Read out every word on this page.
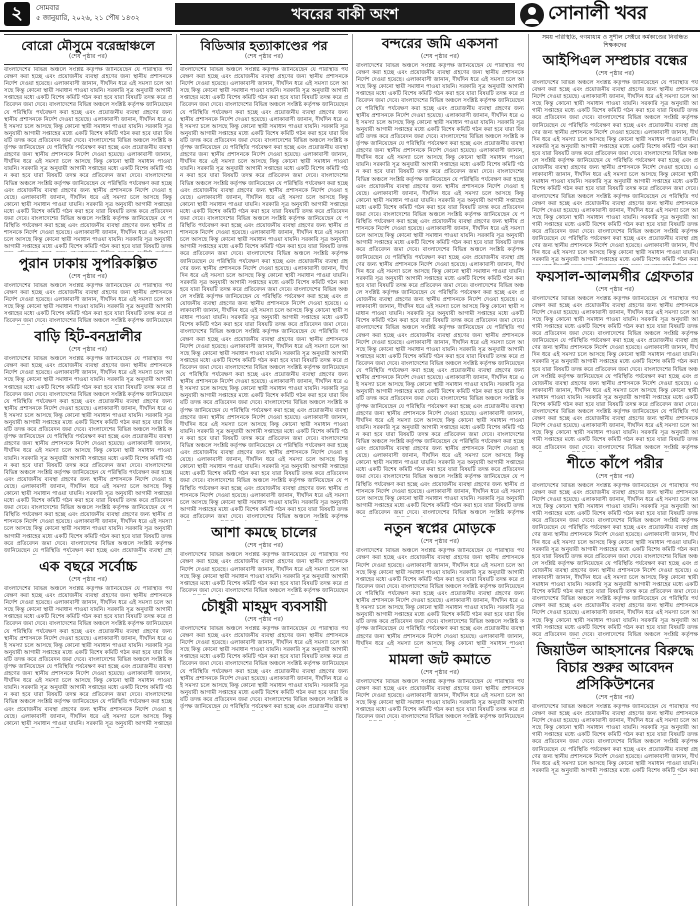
২	সোমবার
৫ জানুয়ারি, ২০২৬, ২১ পৌষ ১৪৩২	খবরের বাকী অংশ	সোনালী খবর
বোরো মৌসুমে বরেন্দ্রাঞ্চলে
(শেষ পৃষ্ঠার পর)

বাংলাদেশের বিভিন্ন অঞ্চলে সংশ্লিষ্ট কর্তৃপক্ষ জানিয়েছেন যে পরিস্থিতি পর্যবেক্ষণ করা হচ্ছে এবং প্রয়োজনীয় ব্যবস্থা গ্রহণের জন্য স্থানীয় প্রশাসনকে নির্দেশ দেওয়া হয়েছে। এলাকাবাসী জানান, দীর্ঘদিন ধরে এই সমস্যা চলে আসছে কিন্তু কোনো স্থায়ী সমাধান পাওয়া যায়নি। সরকারি সূত্র অনুযায়ী আগামী সপ্তাহের মধ্যে একটি বিশেষ কমিটি গঠন করা হবে যারা বিষয়টি তদন্ত করে প্রতিবেদন জমা দেবে। বাংলাদেশের বিভিন্ন অঞ্চলে সংশ্লিষ্ট কর্তৃপক্ষ জানিয়েছেন যে পরিস্থিতি পর্যবেক্ষণ করা হচ্ছে এবং প্রয়োজনীয় ব্যবস্থা গ্রহণের জন্য স্থানীয় প্রশাসনকে নির্দেশ দেওয়া হয়েছে। এলাকাবাসী জানান, দীর্ঘদিন ধরে এই সমস্যা চলে আসছে কিন্তু কোনো স্থায়ী সমাধান পাওয়া যায়নি। সরকারি সূত্র অনুযায়ী আগামী সপ্তাহের মধ্যে একটি বিশেষ কমিটি গঠন করা হবে যারা বিষয়টি তদন্ত করে প্রতিবেদন জমা দেবে। বাংলাদেশের বিভিন্ন অঞ্চলে সংশ্লিষ্ট কর্তৃপক্ষ জানিয়েছেন যে পরিস্থিতি পর্যবেক্ষণ করা হচ্ছে এবং প্রয়োজনীয় ব্যবস্থা গ্রহণের জন্য স্থানীয় প্রশাসনকে নির্দেশ দেওয়া হয়েছে। এলাকাবাসী জানান, দীর্ঘদিন ধরে এই সমস্যা চলে আসছে কিন্তু কোনো স্থায়ী সমাধান পাওয়া যায়নি। সরকারি সূত্র অনুযায়ী আগামী সপ্তাহের মধ্যে একটি বিশেষ কমিটি গঠন করা হবে যারা বিষয়টি তদন্ত করে প্রতিবেদন জমা দেবে। বাংলাদেশের বিভিন্ন অঞ্চলে সংশ্লিষ্ট কর্তৃপক্ষ জানিয়েছেন যে পরিস্থিতি পর্যবেক্ষণ করা হচ্ছে এবং প্রয়োজনীয় ব্যবস্থা গ্রহণের জন্য স্থানীয় প্রশাসনকে নির্দেশ দেওয়া হয়েছে। এলাকাবাসী জানান, দীর্ঘদিন ধরে এই সমস্যা চলে আসছে কিন্তু কোনো স্থায়ী সমাধান পাওয়া যায়নি। সরকারি সূত্র অনুযায়ী আগামী সপ্তাহের মধ্যে একটি বিশেষ কমিটি গঠন করা হবে যারা বিষয়টি তদন্ত করে প্রতিবেদন জমা দেবে। বাংলাদেশের বিভিন্ন অঞ্চলে সংশ্লিষ্ট কর্তৃপক্ষ জানিয়েছেন যে পরিস্থিতি পর্যবেক্ষণ করা হচ্ছে এবং প্রয়োজনীয় ব্যবস্থা গ্রহণের জন্য স্থানীয় প্রশাসনকে নির্দেশ দেওয়া হয়েছে। এলাকাবাসী জানান, দীর্ঘদিন ধরে এই সমস্যা চলে আসছে কিন্তু কোনো স্থায়ী সমাধান পাওয়া যায়নি। সরকারি সূত্র অনুযায়ী আগামী সপ্তাহের মধ্যে একটি বিশেষ কমিটি গঠন করা হবে যারা বিষয়টি তদন্ত

পুরান ঢাকায় সুপরিকল্পিত
(শেষ পৃষ্ঠার পর)

বাংলাদেশের বিভিন্ন অঞ্চলে সংশ্লিষ্ট কর্তৃপক্ষ জানিয়েছেন যে পরিস্থিতি পর্যবেক্ষণ করা হচ্ছে এবং প্রয়োজনীয় ব্যবস্থা গ্রহণের জন্য স্থানীয় প্রশাসনকে নির্দেশ দেওয়া হয়েছে। এলাকাবাসী জানান, দীর্ঘদিন ধরে এই সমস্যা চলে আসছে কিন্তু কোনো স্থায়ী সমাধান পাওয়া যায়নি। সরকারি সূত্র অনুযায়ী আগামী সপ্তাহের মধ্যে একটি বিশেষ কমিটি গঠন করা হবে যারা বিষয়টি তদন্ত করে প্রতিবেদন জমা দেবে। বাংলাদেশের বিভিন্ন অঞ্চলে সংশ্লিষ্ট কর্তৃপক্ষ জানিয়েছেন

বাড়ি হিট-বনদ্রালীর
(শেষ পৃষ্ঠার পর)

বাংলাদেশের বিভিন্ন অঞ্চলে সংশ্লিষ্ট কর্তৃপক্ষ জানিয়েছেন যে পরিস্থিতি পর্যবেক্ষণ করা হচ্ছে এবং প্রয়োজনীয় ব্যবস্থা গ্রহণের জন্য স্থানীয় প্রশাসনকে নির্দেশ দেওয়া হয়েছে। এলাকাবাসী জানান, দীর্ঘদিন ধরে এই সমস্যা চলে আসছে কিন্তু কোনো স্থায়ী সমাধান পাওয়া যায়নি। সরকারি সূত্র অনুযায়ী আগামী সপ্তাহের মধ্যে একটি বিশেষ কমিটি গঠন করা হবে যারা বিষয়টি তদন্ত করে প্রতিবেদন জমা দেবে। বাংলাদেশের বিভিন্ন অঞ্চলে সংশ্লিষ্ট কর্তৃপক্ষ জানিয়েছেন যে পরিস্থিতি পর্যবেক্ষণ করা হচ্ছে এবং প্রয়োজনীয় ব্যবস্থা গ্রহণের জন্য স্থানীয় প্রশাসনকে নির্দেশ দেওয়া হয়েছে। এলাকাবাসী জানান, দীর্ঘদিন ধরে এই সমস্যা চলে আসছে কিন্তু কোনো স্থায়ী সমাধান পাওয়া যায়নি। সরকারি সূত্র অনুযায়ী আগামী সপ্তাহের মধ্যে একটি বিশেষ কমিটি গঠন করা হবে যারা বিষয়টি তদন্ত করে প্রতিবেদন জমা দেবে। বাংলাদেশের বিভিন্ন অঞ্চলে সংশ্লিষ্ট কর্তৃপক্ষ জানিয়েছেন যে পরিস্থিতি পর্যবেক্ষণ করা হচ্ছে এবং প্রয়োজনীয় ব্যবস্থা গ্রহণের জন্য স্থানীয় প্রশাসনকে নির্দেশ দেওয়া হয়েছে। এলাকাবাসী জানান, দীর্ঘদিন ধরে এই সমস্যা চলে আসছে কিন্তু কোনো স্থায়ী সমাধান পাওয়া যায়নি। সরকারি সূত্র অনুযায়ী আগামী সপ্তাহের মধ্যে একটি বিশেষ কমিটি গঠন করা হবে যারা বিষয়টি তদন্ত করে প্রতিবেদন জমা দেবে। বাংলাদেশের বিভিন্ন অঞ্চলে সংশ্লিষ্ট কর্তৃপক্ষ জানিয়েছেন যে পরিস্থিতি পর্যবেক্ষণ করা হচ্ছে এবং প্রয়োজনীয় ব্যবস্থা গ্রহণের জন্য স্থানীয় প্রশাসনকে নির্দেশ দেওয়া হয়েছে। এলাকাবাসী জানান, দীর্ঘদিন ধরে এই সমস্যা চলে আসছে কিন্তু কোনো স্থায়ী সমাধান পাওয়া যায়নি। সরকারি সূত্র অনুযায়ী আগামী সপ্তাহের মধ্যে একটি বিশেষ কমিটি গঠন করা হবে যারা বিষয়টি তদন্ত করে প্রতিবেদন জমা দেবে। বাংলাদেশের বিভিন্ন অঞ্চলে সংশ্লিষ্ট কর্তৃপক্ষ জানিয়েছেন যে পরিস্থিতি পর্যবেক্ষণ করা হচ্ছে এবং প্রয়োজনীয় ব্যবস্থা গ্রহণের জন্য স্থানীয় প্রশাসনকে নির্দেশ দেওয়া হয়েছে। এলাকাবাসী জানান, দীর্ঘদিন ধরে এই সমস্যা চলে আসছে কিন্তু কোনো স্থায়ী সমাধান পাওয়া যায়নি। সরকারি সূত্র অনুযায়ী আগামী সপ্তাহের মধ্যে একটি বিশেষ কমিটি গঠন করা হবে যারা বিষয়টি তদন্ত করে প্রতিবেদন জমা দেবে। বাংলাদেশের বিভিন্ন অঞ্চলে সংশ্লিষ্ট কর্তৃপক্ষ জানিয়েছেন যে পরিস্থিতি পর্যবেক্ষণ করা হচ্ছে এবং প্রয়োজনীয় ব্যবস্থা গ্রহ

এক বছরে সর্বোচ্চ
(শেষ পৃষ্ঠার পর)

বাংলাদেশের বিভিন্ন অঞ্চলে সংশ্লিষ্ট কর্তৃপক্ষ জানিয়েছেন যে পরিস্থিতি পর্যবেক্ষণ করা হচ্ছে এবং প্রয়োজনীয় ব্যবস্থা গ্রহণের জন্য স্থানীয় প্রশাসনকে নির্দেশ দেওয়া হয়েছে। এলাকাবাসী জানান, দীর্ঘদিন ধরে এই সমস্যা চলে আসছে কিন্তু কোনো স্থায়ী সমাধান পাওয়া যায়নি। সরকারি সূত্র অনুযায়ী আগামী সপ্তাহের মধ্যে একটি বিশেষ কমিটি গঠন করা হবে যারা বিষয়টি তদন্ত করে প্রতিবেদন জমা দেবে। বাংলাদেশের বিভিন্ন অঞ্চলে সংশ্লিষ্ট কর্তৃপক্ষ জানিয়েছেন যে পরিস্থিতি পর্যবেক্ষণ করা হচ্ছে এবং প্রয়োজনীয় ব্যবস্থা গ্রহণের জন্য স্থানীয় প্রশাসনকে নির্দেশ দেওয়া হয়েছে। এলাকাবাসী জানান, দীর্ঘদিন ধরে এই সমস্যা চলে আসছে কিন্তু কোনো স্থায়ী সমাধান পাওয়া যায়নি। সরকারি সূত্র অনুযায়ী আগামী সপ্তাহের মধ্যে একটি বিশেষ কমিটি গঠন করা হবে যারা বিষয়টি তদন্ত করে প্রতিবেদন জমা দেবে। বাংলাদেশের বিভিন্ন অঞ্চলে সংশ্লিষ্ট কর্তৃপক্ষ জানিয়েছেন যে পরিস্থিতি পর্যবেক্ষণ করা হচ্ছে এবং প্রয়োজনীয় ব্যবস্থা গ্রহণের জন্য স্থানীয় প্রশাসনকে নির্দেশ দেওয়া হয়েছে। এলাকাবাসী জানান, দীর্ঘদিন ধরে এই সমস্যা চলে আসছে কিন্তু কোনো স্থায়ী সমাধান পাওয়া যায়নি। সরকারি সূত্র অনুযায়ী আগামী সপ্তাহের মধ্যে একটি বিশেষ কমিটি গঠন করা হবে যারা বিষয়টি তদন্ত করে প্রতিবেদন জমা দেবে। বাংলাদেশের বিভিন্ন অঞ্চলে সংশ্লিষ্ট কর্তৃপক্ষ জানিয়েছেন যে পরিস্থিতি পর্যবেক্ষণ করা হচ্ছে এবং প্রয়োজনীয় ব্যবস্থা গ্রহণের জন্য স্থানীয় প্রশাসনকে নির্দেশ দেওয়া হয়েছে। এলাকাবাসী জানান, দীর্ঘদিন ধরে এই সমস্যা চলে আসছে কিন্তু কোনো স্থায়ী সমাধান পাওয়া যায়নি। সরকারি সূত্র অনুযায়ী আগামী সপ্তাহের

বিডিআর হত্যাকাণ্ডের পর
(শেষ পৃষ্ঠার পর)

বাংলাদেশের বিভিন্ন অঞ্চলে সংশ্লিষ্ট কর্তৃপক্ষ জানিয়েছেন যে পরিস্থিতি পর্যবেক্ষণ করা হচ্ছে এবং প্রয়োজনীয় ব্যবস্থা গ্রহণের জন্য স্থানীয় প্রশাসনকে নির্দেশ দেওয়া হয়েছে। এলাকাবাসী জানান, দীর্ঘদিন ধরে এই সমস্যা চলে আসছে কিন্তু কোনো স্থায়ী সমাধান পাওয়া যায়নি। সরকারি সূত্র অনুযায়ী আগামী সপ্তাহের মধ্যে একটি বিশেষ কমিটি গঠন করা হবে যারা বিষয়টি তদন্ত করে প্রতিবেদন জমা দেবে। বাংলাদেশের বিভিন্ন অঞ্চলে সংশ্লিষ্ট কর্তৃপক্ষ জানিয়েছেন যে পরিস্থিতি পর্যবেক্ষণ করা হচ্ছে এবং প্রয়োজনীয় ব্যবস্থা গ্রহণের জন্য স্থানীয় প্রশাসনকে নির্দেশ দেওয়া হয়েছে। এলাকাবাসী জানান, দীর্ঘদিন ধরে এই সমস্যা চলে আসছে কিন্তু কোনো স্থায়ী সমাধান পাওয়া যায়নি। সরকারি সূত্র অনুযায়ী আগামী সপ্তাহের মধ্যে একটি বিশেষ কমিটি গঠন করা হবে যারা বিষয়টি তদন্ত করে প্রতিবেদন জমা দেবে। বাংলাদেশের বিভিন্ন অঞ্চলে সংশ্লিষ্ট কর্তৃপক্ষ জানিয়েছেন যে পরিস্থিতি পর্যবেক্ষণ করা হচ্ছে এবং প্রয়োজনীয় ব্যবস্থা গ্রহণের জন্য স্থানীয় প্রশাসনকে নির্দেশ দেওয়া হয়েছে। এলাকাবাসী জানান, দীর্ঘদিন ধরে এই সমস্যা চলে আসছে কিন্তু কোনো স্থায়ী সমাধান পাওয়া যায়নি। সরকারি সূত্র অনুযায়ী আগামী সপ্তাহের মধ্যে একটি বিশেষ কমিটি গঠন করা হবে যারা বিষয়টি তদন্ত করে প্রতিবেদন জমা দেবে। বাংলাদেশের বিভিন্ন অঞ্চলে সংশ্লিষ্ট কর্তৃপক্ষ জানিয়েছেন যে পরিস্থিতি পর্যবেক্ষণ করা হচ্ছে এবং প্রয়োজনীয় ব্যবস্থা গ্রহণের জন্য স্থানীয় প্রশাসনকে নির্দেশ দেওয়া হয়েছে। এলাকাবাসী জানান, দীর্ঘদিন ধরে এই সমস্যা চলে আসছে কিন্তু কোনো স্থায়ী সমাধান পাওয়া যায়নি। সরকারি সূত্র অনুযায়ী আগামী সপ্তাহের মধ্যে একটি বিশেষ কমিটি গঠন করা হবে যারা বিষয়টি তদন্ত করে প্রতিবেদন জমা দেবে। বাংলাদেশের বিভিন্ন অঞ্চলে সংশ্লিষ্ট কর্তৃপক্ষ জানিয়েছেন যে পরিস্থিতি পর্যবেক্ষণ করা হচ্ছে এবং প্রয়োজনীয় ব্যবস্থা গ্রহণের জন্য স্থানীয় প্রশাসনকে নির্দেশ দেওয়া হয়েছে। এলাকাবাসী জানান, দীর্ঘদিন ধরে এই সমস্যা চলে আসছে কিন্তু কোনো স্থায়ী সমাধান পাওয়া যায়নি। সরকারি সূত্র অনুযায়ী আগামী সপ্তাহের মধ্যে একটি বিশেষ কমিটি গঠন করা হবে যারা বিষয়টি তদন্ত করে প্রতিবেদন জমা দেবে। বাংলাদেশের বিভিন্ন অঞ্চলে সংশ্লিষ্ট কর্তৃপক্ষ জানিয়েছেন যে পরিস্থিতি পর্যবেক্ষণ করা হচ্ছে এবং প্রয়োজনীয় ব্যবস্থা গ্রহণের জন্য স্থানীয় প্রশাসনকে নির্দেশ দেওয়া হয়েছে। এলাকাবাসী জানান, দীর্ঘদিন ধরে এই সমস্যা চলে আসছে কিন্তু কোনো স্থায়ী সমাধান পাওয়া যায়নি। সরকারি সূত্র অনুযায়ী আগামী সপ্তাহের মধ্যে একটি বিশেষ কমিটি গঠন করা হবে যারা বিষয়টি তদন্ত করে প্রতিবেদন জমা দেবে। বাংলাদেশের বিভিন্ন অঞ্চলে সংশ্লিষ্ট কর্তৃপক্ষ জানিয়েছেন যে পরিস্থিতি পর্যবেক্ষণ করা হচ্ছে এবং প্রয়োজনীয় ব্যবস্থা গ্রহণের জন্য স্থানীয় প্রশাসনকে নির্দেশ দেওয়া হয়েছে। এলাকাবাসী জানান, দীর্ঘদিন ধরে এই সমস্যা চলে আসছে কিন্তু কোনো স্থায়ী সমাধান পাওয়া যায়নি। সরকারি সূত্র অনুযায়ী আগামী সপ্তাহের মধ্যে একটি বিশেষ কমিটি গঠন করা হবে যারা বিষয়টি তদন্ত করে প্রতিবেদন জমা দেবে। বাংলাদেশের বিভিন্ন অঞ্চলে সংশ্লিষ্ট কর্তৃপক্ষ জানিয়েছেন যে পরিস্থিতি পর্যবেক্ষণ করা হচ্ছে এবং প্রয়োজনীয় ব্যবস্থা গ্রহণের জন্য স্থানীয় প্রশাসনকে নির্দেশ দেওয়া হয়েছে। এলাকাবাসী জানান, দীর্ঘদিন ধরে এই সমস্যা চলে আসছে কিন্তু কোনো স্থায়ী সমাধান পাওয়া যায়নি। সরকারি সূত্র অনুযায়ী আগামী সপ্তাহের মধ্যে একটি বিশেষ কমিটি গঠন করা হবে যারা বিষয়টি তদন্ত করে প্রতিবেদন জমা দেবে। বাংলাদেশের বিভিন্ন অঞ্চলে সংশ্লিষ্ট কর্তৃপক্ষ জানিয়েছেন যে পরিস্থিতি পর্যবেক্ষণ করা হচ্ছে এবং প্রয়োজনীয় ব্যবস্থা গ্রহণের জন্য স্থানীয় প্রশাসনকে নির্দেশ দেওয়া হয়েছে। এলাকাবাসী জানান, দীর্ঘদিন ধরে এই সমস্যা চলে আসছে কিন্তু কোনো স্থায়ী সমাধান পাওয়া যায়নি। সরকারি সূত্র অনুযায়ী আগামী সপ্তাহের মধ্যে একটি বিশেষ কমিটি গঠন করা হবে যারা বিষয়টি তদন্ত করে প্রতিবেদন জমা দেবে। বাংলাদেশের বিভিন্ন অঞ্চলে সংশ্লিষ্ট কর্তৃপক্ষ জানিয়েছেন যে পরিস্থিতি পর্যবেক্ষণ করা হচ্ছে এবং প্রয়োজনীয় ব্যবস্থা গ্রহণের জন্য স্থানীয় প্রশাসনকে নির্দেশ দেওয়া হয়েছে। এলাকাবাসী জানান, দীর্ঘদিন ধরে এই সমস্যা চলে আসছে কিন্তু কোনো স্থায়ী সমাধান পাওয়া যায়নি। সরকারি সূত্র অনুযায়ী আগামী সপ্তাহের মধ্যে একটি বিশেষ কমিটি গঠন করা হবে যারা বিষয়টি তদন্ত করে প্রতিবেদন জমা দেবে। বাংলাদেশের বিভিন্ন অঞ্চলে সংশ্লিষ্ট কর্তৃপক্ষ জানিয়েছেন যে পরিস্থিতি পর্যবেক্ষণ করা হচ্ছে এবং প্রয়োজনীয় ব্যবস্থা গ্রহণের জন্য স্থানীয় প্রশাসনকে নির্দেশ দেওয়া হয়েছে। এলাকাবাসী জানান, দীর্ঘদিন ধরে এই সমস্যা চলে আসছে কিন্তু কোনো স্থায়ী সমাধান পাওয়া যায়নি। সরকারি সূত্র অনুযায়ী আগামী সপ্তাহের মধ্যে একটি বিশেষ কমিটি গঠন করা হবে যারা বিষয়টি তদন্ত করে প্রতিবেদন জমা দেবে। বাংলাদেশের বিভিন্ন অঞ্চলে সংশ্লিষ্ট কর্তৃপক্ষ জানিয়েছেন যে পরিস্থিতি পর্যবেক্ষণ করা হচ্ছে এবং প্রয়োজনীয় ব্যবস্থা গ্রহণের জন্য স্থানীয় প্রশাসনকে নির্দেশ দেওয়া হয়েছে। এলাকাবাসী জানান, দীর্ঘদিন ধরে এই সমস্যা চলে আসছে কিন্তু কোনো স্থায়ী সমাধান পাওয়া যায়নি। সরকারি সূত্র অনুযায়ী আগামী সপ্তাহের মধ্যে একটি বিশেষ কমিটি গঠন করা হবে যারা বিষয়টি তদন্ত করে প্রতিবেদন জমা দেবে। বাংলাদেশের বিভিন্ন অঞ্চলে সংশ্লিষ্ট কর্তৃপক্ষ

আশা কমছে চালের
(শেষ পৃষ্ঠার পর)

বাংলাদেশের বিভিন্ন অঞ্চলে সংশ্লিষ্ট কর্তৃপক্ষ জানিয়েছেন যে পরিস্থিতি পর্যবেক্ষণ করা হচ্ছে এবং প্রয়োজনীয় ব্যবস্থা গ্রহণের জন্য স্থানীয় প্রশাসনকে নির্দেশ দেওয়া হয়েছে। এলাকাবাসী জানান, দীর্ঘদিন ধরে এই সমস্যা চলে আসছে কিন্তু কোনো স্থায়ী সমাধান পাওয়া যায়নি। সরকারি সূত্র অনুযায়ী আগামী সপ্তাহের মধ্যে একটি বিশেষ কমিটি গঠন করা হবে যারা বিষয়টি তদন্ত করে প্রতিবেদন জমা দেবে। বাংলাদেশের বিভিন্ন অঞ্চলে সংশ্লিষ্ট কর্তৃপক্ষ জানিয়েছেন

চৌধুরী মাহমুদ ব্যবসায়ী
(শেষ পৃষ্ঠার পর)

বাংলাদেশের বিভিন্ন অঞ্চলে সংশ্লিষ্ট কর্তৃপক্ষ জানিয়েছেন যে পরিস্থিতি পর্যবেক্ষণ করা হচ্ছে এবং প্রয়োজনীয় ব্যবস্থা গ্রহণের জন্য স্থানীয় প্রশাসনকে নির্দেশ দেওয়া হয়েছে। এলাকাবাসী জানান, দীর্ঘদিন ধরে এই সমস্যা চলে আসছে কিন্তু কোনো স্থায়ী সমাধান পাওয়া যায়নি। সরকারি সূত্র অনুযায়ী আগামী সপ্তাহের মধ্যে একটি বিশেষ কমিটি গঠন করা হবে যারা বিষয়টি তদন্ত করে প্রতিবেদন জমা দেবে। বাংলাদেশের বিভিন্ন অঞ্চলে সংশ্লিষ্ট কর্তৃপক্ষ জানিয়েছেন যে পরিস্থিতি পর্যবেক্ষণ করা হচ্ছে এবং প্রয়োজনীয় ব্যবস্থা গ্রহণের জন্য স্থানীয় প্রশাসনকে নির্দেশ দেওয়া হয়েছে। এলাকাবাসী জানান, দীর্ঘদিন ধরে এই সমস্যা চলে আসছে কিন্তু কোনো স্থায়ী সমাধান পাওয়া যায়নি। সরকারি সূত্র অনুযায়ী আগামী সপ্তাহের মধ্যে একটি বিশেষ কমিটি গঠন করা হবে যারা বিষয়টি তদন্ত করে প্রতিবেদন জমা দেবে। বাংলাদেশের বিভিন্ন অঞ্চলে সংশ্লিষ্ট কর্তৃপক্ষ জানিয়েছেন যে পরিস্থিতি পর্যবেক্ষণ করা হচ্ছে এবং প্রয়োজনীয় ব্যবস্থা

বন্দরের জমি একসনা
(শেষ পৃষ্ঠার পর)

বাংলাদেশের বিভিন্ন অঞ্চলে সংশ্লিষ্ট কর্তৃপক্ষ জানিয়েছেন যে পরিস্থিতি পর্যবেক্ষণ করা হচ্ছে এবং প্রয়োজনীয় ব্যবস্থা গ্রহণের জন্য স্থানীয় প্রশাসনকে নির্দেশ দেওয়া হয়েছে। এলাকাবাসী জানান, দীর্ঘদিন ধরে এই সমস্যা চলে আসছে কিন্তু কোনো স্থায়ী সমাধান পাওয়া যায়নি। সরকারি সূত্র অনুযায়ী আগামী সপ্তাহের মধ্যে একটি বিশেষ কমিটি গঠন করা হবে যারা বিষয়টি তদন্ত করে প্রতিবেদন জমা দেবে। বাংলাদেশের বিভিন্ন অঞ্চলে সংশ্লিষ্ট কর্তৃপক্ষ জানিয়েছেন যে পরিস্থিতি পর্যবেক্ষণ করা হচ্ছে এবং প্রয়োজনীয় ব্যবস্থা গ্রহণের জন্য স্থানীয় প্রশাসনকে নির্দেশ দেওয়া হয়েছে। এলাকাবাসী জানান, দীর্ঘদিন ধরে এই সমস্যা চলে আসছে কিন্তু কোনো স্থায়ী সমাধান পাওয়া যায়নি। সরকারি সূত্র অনুযায়ী আগামী সপ্তাহের মধ্যে একটি বিশেষ কমিটি গঠন করা হবে যারা বিষয়টি তদন্ত করে প্রতিবেদন জমা দেবে। বাংলাদেশের বিভিন্ন অঞ্চলে সংশ্লিষ্ট কর্তৃপক্ষ জানিয়েছেন যে পরিস্থিতি পর্যবেক্ষণ করা হচ্ছে এবং প্রয়োজনীয় ব্যবস্থা গ্রহণের জন্য স্থানীয় প্রশাসনকে নির্দেশ দেওয়া হয়েছে। এলাকাবাসী জানান, দীর্ঘদিন ধরে এই সমস্যা চলে আসছে কিন্তু কোনো স্থায়ী সমাধান পাওয়া যায়নি। সরকারি সূত্র অনুযায়ী আগামী সপ্তাহের মধ্যে একটি বিশেষ কমিটি গঠন করা হবে যারা বিষয়টি তদন্ত করে প্রতিবেদন জমা দেবে। বাংলাদেশের বিভিন্ন অঞ্চলে সংশ্লিষ্ট কর্তৃপক্ষ জানিয়েছেন যে পরিস্থিতি পর্যবেক্ষণ করা হচ্ছে এবং প্রয়োজনীয় ব্যবস্থা গ্রহণের জন্য স্থানীয় প্রশাসনকে নির্দেশ দেওয়া হয়েছে। এলাকাবাসী জানান, দীর্ঘদিন ধরে এই সমস্যা চলে আসছে কিন্তু কোনো স্থায়ী সমাধান পাওয়া যায়নি। সরকারি সূত্র অনুযায়ী আগামী সপ্তাহের মধ্যে একটি বিশেষ কমিটি গঠন করা হবে যারা বিষয়টি তদন্ত করে প্রতিবেদন জমা দেবে। বাংলাদেশের বিভিন্ন অঞ্চলে সংশ্লিষ্ট কর্তৃপক্ষ জানিয়েছেন যে পরিস্থিতি পর্যবেক্ষণ করা হচ্ছে এবং প্রয়োজনীয় ব্যবস্থা গ্রহণের জন্য স্থানীয় প্রশাসনকে নির্দেশ দেওয়া হয়েছে। এলাকাবাসী জানান, দীর্ঘদিন ধরে এই সমস্যা চলে আসছে কিন্তু কোনো স্থায়ী সমাধান পাওয়া যায়নি। সরকারি সূত্র অনুযায়ী আগামী সপ্তাহের মধ্যে একটি বিশেষ কমিটি গঠন করা হবে যারা বিষয়টি তদন্ত করে প্রতিবেদন জমা দেবে। বাংলাদেশের বিভিন্ন অঞ্চলে সংশ্লিষ্ট কর্তৃপক্ষ জানিয়েছেন যে পরিস্থিতি পর্যবেক্ষণ করা হচ্ছে এবং প্রয়োজনীয় ব্যবস্থা গ্রহণের জন্য স্থানীয় প্রশাসনকে নির্দেশ দেওয়া হয়েছে। এলাকাবাসী জানান, দীর্ঘদিন ধরে এই সমস্যা চলে আসছে কিন্তু কোনো স্থায়ী সমাধান পাওয়া যায়নি। সরকারি সূত্র অনুযায়ী আগামী সপ্তাহের মধ্যে একটি বিশেষ কমিটি গঠন করা হবে যারা বিষয়টি তদন্ত করে প্রতিবেদন জমা দেবে। বাংলাদেশের বিভিন্ন অঞ্চলে সংশ্লিষ্ট কর্তৃপক্ষ জানিয়েছেন যে পরিস্থিতি পর্যবেক্ষণ করা হচ্ছে এবং প্রয়োজনীয় ব্যবস্থা গ্রহণের জন্য স্থানীয় প্রশাসনকে নির্দেশ দেওয়া হয়েছে। এলাকাবাসী জানান, দীর্ঘদিন ধরে এই সমস্যা চলে আসছে কিন্তু কোনো স্থায়ী সমাধান পাওয়া যায়নি। সরকারি সূত্র অনুযায়ী আগামী সপ্তাহের মধ্যে একটি বিশেষ কমিটি গঠন করা হবে যারা বিষয়টি তদন্ত করে প্রতিবেদন জমা দেবে। বাংলাদেশের বিভিন্ন অঞ্চলে সংশ্লিষ্ট কর্তৃপক্ষ জানিয়েছেন যে পরিস্থিতি পর্যবেক্ষণ করা হচ্ছে এবং প্রয়োজনীয় ব্যবস্থা গ্রহণের জন্য স্থানীয় প্রশাসনকে নির্দেশ দেওয়া হয়েছে। এলাকাবাসী জানান, দীর্ঘদিন ধরে এই সমস্যা চলে আসছে কিন্তু কোনো স্থায়ী সমাধান পাওয়া যায়নি। সরকারি সূত্র অনুযায়ী আগামী সপ্তাহের মধ্যে একটি বিশেষ কমিটি গঠন করা হবে যারা বিষয়টি তদন্ত করে প্রতিবেদন জমা দেবে। বাংলাদেশের বিভিন্ন অঞ্চলে সংশ্লিষ্ট কর্তৃপক্ষ জানিয়েছেন যে পরিস্থিতি পর্যবেক্ষণ করা হচ্ছে এবং প্রয়োজনীয় ব্যবস্থা গ্রহণের জন্য স্থানীয় প্রশাসনকে নির্দেশ দেওয়া হয়েছে। এলাকাবাসী জানান, দীর্ঘদিন ধরে এই সমস্যা চলে আসছে কিন্তু কোনো স্থায়ী সমাধান পাওয়া যায়নি। সরকারি সূত্র অনুযায়ী আগামী সপ্তাহের মধ্যে একটি বিশেষ কমিটি গঠন করা হবে যারা বিষয়টি তদন্ত করে প্রতিবেদন জমা দেবে। বাংলাদেশের বিভিন্ন অঞ্চলে সংশ্লিষ্ট কর্তৃপক্ষ জানিয়েছেন যে পরিস্থিতি পর্যবেক্ষণ করা হচ্ছে এবং প্রয়োজনীয় ব্যবস্থা গ্রহণের জন্য স্থানীয় প্রশাসনকে নির্দেশ দেওয়া হয়েছে। এলাকাবাসী জানান, দীর্ঘদিন ধরে এই সমস্যা চলে আসছে কিন্তু কোনো স্থায়ী সমাধান পাওয়া যায়নি। সরকারি সূত্র অনুযায়ী আগামী সপ্তাহের মধ্যে একটি বিশেষ কমিটি গঠন করা হবে যারা বিষয়টি তদন্ত করে প্রতিবেদন জমা দেবে। বাংলাদেশের বিভিন্ন অঞ্চলে সংশ্লিষ্ট কর্তৃপক্ষ জানিয়েছেন যে পরিস্থিতি পর্যবেক্ষণ করা হচ্ছে এবং প্রয়োজনীয় ব্যবস্থা গ্রহণের জন্য স্থানীয় প্রশাসনকে নির্দেশ দেওয়া হয়েছে। এলাকাবাসী জানান, দীর্ঘদিন ধরে এই সমস্যা চলে আসছে কিন্তু কোনো স্থায়ী সমাধান পাওয়া যায়নি। সরকারি সূত্র অনুযায়ী আগামী সপ্তাহের মধ্যে একটি বিশেষ কমিটি গঠন করা হবে যারা বিষয়টি তদন্ত করে প্রতিবেদন জমা দেবে। বাংলাদেশের বিভিন্ন অঞ্চলে সংশ্লিষ্ট কর্তৃপক্ষ জানিয়েছেন যে পরিস্থিতি পর্যবেক্ষণ করা হচ্ছে এবং প্রয়োজনীয় ব্যবস্থা গ্রহণের জন্য স্থানীয় প্রশাসনকে নির্দেশ দেওয়া হয়েছে। এলাকাবাসী জানান, দীর্ঘদিন ধরে এই সমস্যা চলে আসছে কিন্তু কোনো স্থায়ী সমাধান পাওয়া যায়নি। সরকারি সূত্র অনুযায়ী আগামী সপ্তাহের মধ্যে একটি বিশেষ কমিটি গঠন করা হবে যারা বিষয়টি তদন্ত করে প্রতিবেদন জমা দেবে। বাংলাদেশের বিভিন্ন অঞ্চলে সংশ্লিষ্ট কর্তৃপক্ষ

নতুন স্বপ্নের মোড়কে
(শেষ পৃষ্ঠার পর)

বাংলাদেশের বিভিন্ন অঞ্চলে সংশ্লিষ্ট কর্তৃপক্ষ জানিয়েছেন যে পরিস্থিতি পর্যবেক্ষণ করা হচ্ছে এবং প্রয়োজনীয় ব্যবস্থা গ্রহণের জন্য স্থানীয় প্রশাসনকে নির্দেশ দেওয়া হয়েছে। এলাকাবাসী জানান, দীর্ঘদিন ধরে এই সমস্যা চলে আসছে কিন্তু কোনো স্থায়ী সমাধান পাওয়া যায়নি। সরকারি সূত্র অনুযায়ী আগামী সপ্তাহের মধ্যে একটি বিশেষ কমিটি গঠন করা হবে যারা বিষয়টি তদন্ত করে প্রতিবেদন জমা দেবে। বাংলাদেশের বিভিন্ন অঞ্চলে সংশ্লিষ্ট কর্তৃপক্ষ জানিয়েছেন যে পরিস্থিতি পর্যবেক্ষণ করা হচ্ছে এবং প্রয়োজনীয় ব্যবস্থা গ্রহণের জন্য স্থানীয় প্রশাসনকে নির্দেশ দেওয়া হয়েছে। এলাকাবাসী জানান, দীর্ঘদিন ধরে এই সমস্যা চলে আসছে কিন্তু কোনো স্থায়ী সমাধান পাওয়া যায়নি। সরকারি সূত্র অনুযায়ী আগামী সপ্তাহের মধ্যে একটি বিশেষ কমিটি গঠন করা হবে যারা বিষয়টি তদন্ত করে প্রতিবেদন জমা দেবে। বাংলাদেশের বিভিন্ন অঞ্চলে সংশ্লিষ্ট কর্তৃপক্ষ জানিয়েছেন যে পরিস্থিতি পর্যবেক্ষণ করা হচ্ছে এবং প্রয়োজনীয় ব্যবস্থা গ্রহণের জন্য স্থানীয় প্রশাসনকে নির্দেশ দেওয়া হয়েছে। এলাকাবাসী জানান, দীর্ঘদিন ধরে এই সমস্যা চলে আসছে কিন্তু কোনো স্থায়ী সমাধান পাওয়া

মামলা জট কমাতে
(শেষ পৃষ্ঠার পর)

বাংলাদেশের বিভিন্ন অঞ্চলে সংশ্লিষ্ট কর্তৃপক্ষ জানিয়েছেন যে পরিস্থিতি পর্যবেক্ষণ করা হচ্ছে এবং প্রয়োজনীয় ব্যবস্থা গ্রহণের জন্য স্থানীয় প্রশাসনকে নির্দেশ দেওয়া হয়েছে। এলাকাবাসী জানান, দীর্ঘদিন ধরে এই সমস্যা চলে আসছে কিন্তু কোনো স্থায়ী সমাধান পাওয়া যায়নি। সরকারি সূত্র অনুযায়ী আগামী সপ্তাহের মধ্যে একটি বিশেষ কমিটি গঠন করা হবে যারা বিষয়টি তদন্ত করে প্রতিবেদন জমা দেবে। বাংলাদেশের বিভিন্ন অঞ্চলে সংশ্লিষ্ট কর্তৃপক্ষ জানিয়েছেন

সময় পরিস্থিতি, গণমাধ্যম ও সুশীল সেক্টরে কর্মকাণ্ডের নিবন্ধিত শিক্ষকদের
আইপিএল সম্প্রচার বন্ধের
(শেষ পৃষ্ঠার পর)

বাংলাদেশের বিভিন্ন অঞ্চলে সংশ্লিষ্ট কর্তৃপক্ষ জানিয়েছেন যে পরিস্থিতি পর্যবেক্ষণ করা হচ্ছে এবং প্রয়োজনীয় ব্যবস্থা গ্রহণের জন্য স্থানীয় প্রশাসনকে নির্দেশ দেওয়া হয়েছে। এলাকাবাসী জানান, দীর্ঘদিন ধরে এই সমস্যা চলে আসছে কিন্তু কোনো স্থায়ী সমাধান পাওয়া যায়নি। সরকারি সূত্র অনুযায়ী আগামী সপ্তাহের মধ্যে একটি বিশেষ কমিটি গঠন করা হবে যারা বিষয়টি তদন্ত করে প্রতিবেদন জমা দেবে। বাংলাদেশের বিভিন্ন অঞ্চলে সংশ্লিষ্ট কর্তৃপক্ষ জানিয়েছেন যে পরিস্থিতি পর্যবেক্ষণ করা হচ্ছে এবং প্রয়োজনীয় ব্যবস্থা গ্রহণের জন্য স্থানীয় প্রশাসনকে নির্দেশ দেওয়া হয়েছে। এলাকাবাসী জানান, দীর্ঘদিন ধরে এই সমস্যা চলে আসছে কিন্তু কোনো স্থায়ী সমাধান পাওয়া যায়নি। সরকারি সূত্র অনুযায়ী আগামী সপ্তাহের মধ্যে একটি বিশেষ কমিটি গঠন করা হবে যারা বিষয়টি তদন্ত করে প্রতিবেদন জমা দেবে। বাংলাদেশের বিভিন্ন অঞ্চলে সংশ্লিষ্ট কর্তৃপক্ষ জানিয়েছেন যে পরিস্থিতি পর্যবেক্ষণ করা হচ্ছে এবং প্রয়োজনীয় ব্যবস্থা গ্রহণের জন্য স্থানীয় প্রশাসনকে নির্দেশ দেওয়া হয়েছে। এলাকাবাসী জানান, দীর্ঘদিন ধরে এই সমস্যা চলে আসছে কিন্তু কোনো স্থায়ী সমাধান পাওয়া যায়নি। সরকারি সূত্র অনুযায়ী আগামী সপ্তাহের মধ্যে একটি বিশেষ কমিটি গঠন করা হবে যারা বিষয়টি তদন্ত করে প্রতিবেদন জমা দেবে। বাংলাদেশের বিভিন্ন অঞ্চলে সংশ্লিষ্ট কর্তৃপক্ষ জানিয়েছেন যে পরিস্থিতি পর্যবেক্ষণ করা হচ্ছে এবং প্রয়োজনীয় ব্যবস্থা গ্রহণের জন্য স্থানীয় প্রশাসনকে নির্দেশ দেওয়া হয়েছে। এলাকাবাসী জানান, দীর্ঘদিন ধরে এই সমস্যা চলে আসছে কিন্তু কোনো স্থায়ী সমাধান পাওয়া যায়নি। সরকারি সূত্র অনুযায়ী আগামী সপ্তাহের মধ্যে একটি বিশেষ কমিটি গঠন করা হবে যারা বিষয়টি তদন্ত করে প্রতিবেদন জমা দেবে। বাংলাদেশের বিভিন্ন অঞ্চলে সংশ্লিষ্ট কর্তৃপক্ষ জানিয়েছেন যে পরিস্থিতি পর্যবেক্ষণ করা হচ্ছে এবং প্রয়োজনীয় ব্যবস্থা গ্রহণের জন্য স্থানীয় প্রশাসনকে নির্দেশ দেওয়া হয়েছে। এলাকাবাসী জানান, দীর্ঘদিন ধরে এই সমস্যা চলে আসছে কিন্তু কোনো স্থায়ী সমাধান পাওয়া যায়নি। সরকারি সূত্র অনুযায়ী আগামী সপ্তাহের মধ্যে একটি বিশেষ কমিটি গঠন করা

ফয়সাল-আলমগীর গ্রেফতার
(শেষ পৃষ্ঠার পর)

বাংলাদেশের বিভিন্ন অঞ্চলে সংশ্লিষ্ট কর্তৃপক্ষ জানিয়েছেন যে পরিস্থিতি পর্যবেক্ষণ করা হচ্ছে এবং প্রয়োজনীয় ব্যবস্থা গ্রহণের জন্য স্থানীয় প্রশাসনকে নির্দেশ দেওয়া হয়েছে। এলাকাবাসী জানান, দীর্ঘদিন ধরে এই সমস্যা চলে আসছে কিন্তু কোনো স্থায়ী সমাধান পাওয়া যায়নি। সরকারি সূত্র অনুযায়ী আগামী সপ্তাহের মধ্যে একটি বিশেষ কমিটি গঠন করা হবে যারা বিষয়টি তদন্ত করে প্রতিবেদন জমা দেবে। বাংলাদেশের বিভিন্ন অঞ্চলে সংশ্লিষ্ট কর্তৃপক্ষ জানিয়েছেন যে পরিস্থিতি পর্যবেক্ষণ করা হচ্ছে এবং প্রয়োজনীয় ব্যবস্থা গ্রহণের জন্য স্থানীয় প্রশাসনকে নির্দেশ দেওয়া হয়েছে। এলাকাবাসী জানান, দীর্ঘদিন ধরে এই সমস্যা চলে আসছে কিন্তু কোনো স্থায়ী সমাধান পাওয়া যায়নি। সরকারি সূত্র অনুযায়ী আগামী সপ্তাহের মধ্যে একটি বিশেষ কমিটি গঠন করা হবে যারা বিষয়টি তদন্ত করে প্রতিবেদন জমা দেবে। বাংলাদেশের বিভিন্ন অঞ্চলে সংশ্লিষ্ট কর্তৃপক্ষ জানিয়েছেন যে পরিস্থিতি পর্যবেক্ষণ করা হচ্ছে এবং প্রয়োজনীয় ব্যবস্থা গ্রহণের জন্য স্থানীয় প্রশাসনকে নির্দেশ দেওয়া হয়েছে। এলাকাবাসী জানান, দীর্ঘদিন ধরে এই সমস্যা চলে আসছে কিন্তু কোনো স্থায়ী সমাধান পাওয়া যায়নি। সরকারি সূত্র অনুযায়ী আগামী সপ্তাহের মধ্যে একটি বিশেষ কমিটি গঠন করা হবে যারা বিষয়টি তদন্ত করে প্রতিবেদন জমা দেবে। বাংলাদেশের বিভিন্ন অঞ্চলে সংশ্লিষ্ট কর্তৃপক্ষ জানিয়েছেন যে পরিস্থিতি পর্যবেক্ষণ করা হচ্ছে এবং প্রয়োজনীয় ব্যবস্থা গ্রহণের জন্য স্থানীয় প্রশাসনকে নির্দেশ দেওয়া হয়েছে। এলাকাবাসী জানান, দীর্ঘদিন ধরে এই সমস্যা চলে আসছে কিন্তু কোনো স্থায়ী সমাধান পাওয়া যায়নি। সরকারি সূত্র অনুযায়ী আগামী সপ্তাহের মধ্যে একটি বিশেষ কমিটি গঠন করা হবে যারা বিষয়টি তদন্ত করে প্রতিবেদন জমা দেবে। বাংলাদেশের বিভিন্ন অঞ্চলে সংশ্লিষ্ট কর্তৃপক্ষ

শীতে কাঁপে পরীর
(শেষ পৃষ্ঠার পর)

বাংলাদেশের বিভিন্ন অঞ্চলে সংশ্লিষ্ট কর্তৃপক্ষ জানিয়েছেন যে পরিস্থিতি পর্যবেক্ষণ করা হচ্ছে এবং প্রয়োজনীয় ব্যবস্থা গ্রহণের জন্য স্থানীয় প্রশাসনকে নির্দেশ দেওয়া হয়েছে। এলাকাবাসী জানান, দীর্ঘদিন ধরে এই সমস্যা চলে আসছে কিন্তু কোনো স্থায়ী সমাধান পাওয়া যায়নি। সরকারি সূত্র অনুযায়ী আগামী সপ্তাহের মধ্যে একটি বিশেষ কমিটি গঠন করা হবে যারা বিষয়টি তদন্ত করে প্রতিবেদন জমা দেবে। বাংলাদেশের বিভিন্ন অঞ্চলে সংশ্লিষ্ট কর্তৃপক্ষ জানিয়েছেন যে পরিস্থিতি পর্যবেক্ষণ করা হচ্ছে এবং প্রয়োজনীয় ব্যবস্থা গ্রহণের জন্য স্থানীয় প্রশাসনকে নির্দেশ দেওয়া হয়েছে। এলাকাবাসী জানান, দীর্ঘদিন ধরে এই সমস্যা চলে আসছে কিন্তু কোনো স্থায়ী সমাধান পাওয়া যায়নি। সরকারি সূত্র অনুযায়ী আগামী সপ্তাহের মধ্যে একটি বিশেষ কমিটি গঠন করা হবে যারা বিষয়টি তদন্ত করে প্রতিবেদন জমা দেবে। বাংলাদেশের বিভিন্ন অঞ্চলে সংশ্লিষ্ট কর্তৃপক্ষ জানিয়েছেন যে পরিস্থিতি পর্যবেক্ষণ করা হচ্ছে এবং প্রয়োজনীয় ব্যবস্থা গ্রহণের জন্য স্থানীয় প্রশাসনকে নির্দেশ দেওয়া হয়েছে। এলাকাবাসী জানান, দীর্ঘদিন ধরে এই সমস্যা চলে আসছে কিন্তু কোনো স্থায়ী সমাধান পাওয়া যায়নি। সরকারি সূত্র অনুযায়ী আগামী সপ্তাহের মধ্যে একটি বিশেষ কমিটি গঠন করা হবে যারা বিষয়টি তদন্ত করে প্রতিবেদন জমা দেবে। বাংলাদেশের বিভিন্ন অঞ্চলে সংশ্লিষ্ট কর্তৃপক্ষ জানিয়েছেন যে পরিস্থিতি পর্যবেক্ষণ করা হচ্ছে এবং প্রয়োজনীয় ব্যবস্থা গ্রহণের জন্য স্থানীয় প্রশাসনকে নির্দেশ দেওয়া হয়েছে। এলাকাবাসী জানান, দীর্ঘদিন ধরে এই সমস্যা চলে আসছে কিন্তু কোনো স্থায়ী সমাধান পাওয়া যায়নি। সরকারি সূত্র অনুযায়ী আগামী সপ্তাহের মধ্যে একটি বিশেষ কমিটি গঠন করা হবে যারা বিষয়টি তদন্ত করে প্রতিবেদন জমা দেবে। বাংলাদেশের বিভিন্ন অঞ্চলে সংশ্লিষ্ট কর্তৃপক্ষ

জিয়াউল আহসানের বিরুদ্ধে বিচার শুরুর আবেদন প্রসিকিউশনের
(শেষ পৃষ্ঠার পর)

বাংলাদেশের বিভিন্ন অঞ্চলে সংশ্লিষ্ট কর্তৃপক্ষ জানিয়েছেন যে পরিস্থিতি পর্যবেক্ষণ করা হচ্ছে এবং প্রয়োজনীয় ব্যবস্থা গ্রহণের জন্য স্থানীয় প্রশাসনকে নির্দেশ দেওয়া হয়েছে। এলাকাবাসী জানান, দীর্ঘদিন ধরে এই সমস্যা চলে আসছে কিন্তু কোনো স্থায়ী সমাধান পাওয়া যায়নি। সরকারি সূত্র অনুযায়ী আগামী সপ্তাহের মধ্যে একটি বিশেষ কমিটি গঠন করা হবে যারা বিষয়টি তদন্ত করে প্রতিবেদন জমা দেবে। বাংলাদেশের বিভিন্ন অঞ্চলে সংশ্লিষ্ট কর্তৃপক্ষ জানিয়েছেন যে পরিস্থিতি পর্যবেক্ষণ করা হচ্ছে এবং প্রয়োজনীয় ব্যবস্থা গ্রহণের জন্য স্থানীয় প্রশাসনকে নির্দেশ দেওয়া হয়েছে। এলাকাবাসী জানান, দীর্ঘদিন ধরে এই সমস্যা চলে আসছে কিন্তু কোনো স্থায়ী সমাধান পাওয়া যায়নি। সরকারি সূত্র অনুযায়ী আগামী সপ্তাহের মধ্যে একটি বিশেষ কমিটি গঠন করা
